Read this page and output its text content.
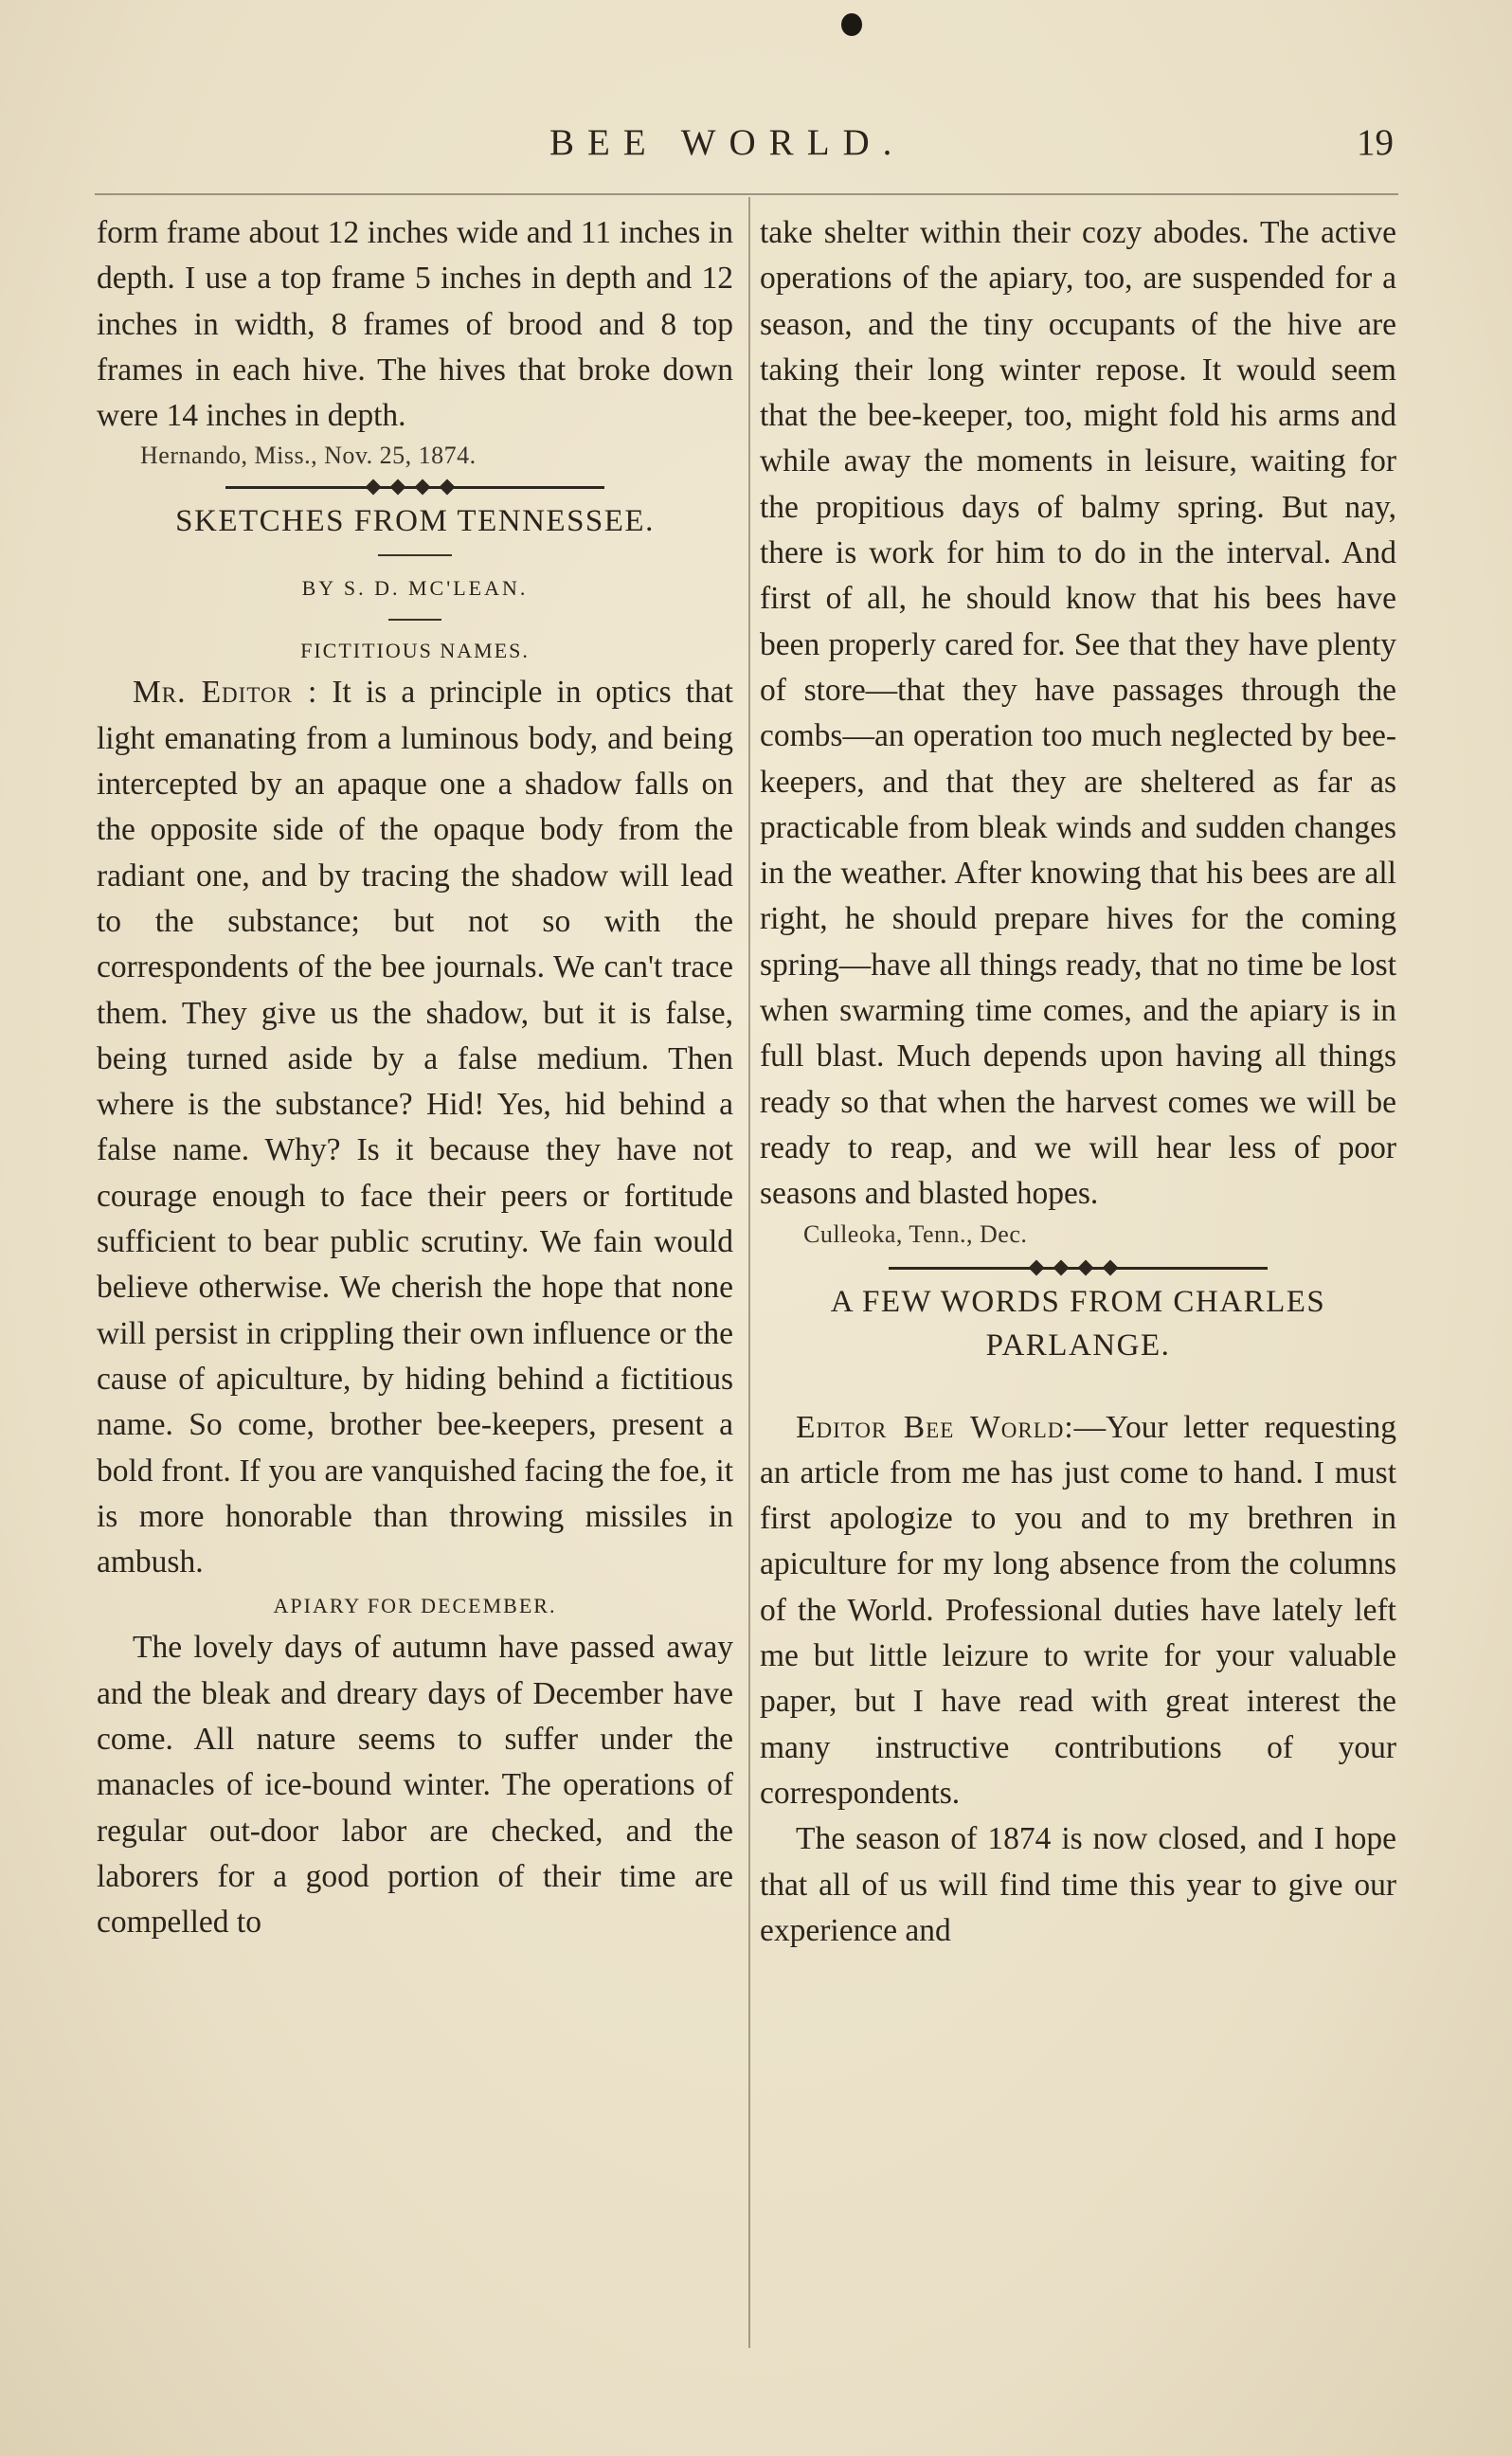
BEE WORLD.	19

form frame about 12 inches wide and 11 inches in depth. I use a top frame 5 inches in depth and 12 inches in width, 8 frames of brood and 8 top frames in each hive. The hives that broke down were 14 inches in depth.

Hernando, Miss., Nov. 25, 1874.
SKETCHES FROM TENNESSEE.
BY S. D. MC'LEAN.
FICTITIOUS NAMES.

Mr. Editor : It is a principle in optics that light emanating from a luminous body, and being intercepted by an apaque one a shadow falls on the opposite side of the opaque body from the radiant one, and by tracing the shadow will lead to the substance; but not so with the correspondents of the bee journals. We can't trace them. They give us the shadow, but it is false, being turned aside by a false medium. Then where is the substance? Hid! Yes, hid behind a false name. Why? Is it because they have not courage enough to face their peers or fortitude sufficient to bear public scrutiny. We fain would believe otherwise. We cherish the hope that none will persist in crippling their own influence or the cause of apiculture, by hiding behind a fictitious name. So come, brother bee-keepers, present a bold front. If you are vanquished facing the foe, it is more honorable than throwing missiles in ambush.

APIARY FOR DECEMBER.

The lovely days of autumn have passed away and the bleak and dreary days of December have come. All nature seems to suffer under the manacles of ice-bound winter. The operations of regular out-door labor are checked, and the laborers for a good portion of their time are compelled to

take shelter within their cozy abodes. The active operations of the apiary, too, are suspended for a season, and the tiny occupants of the hive are taking their long winter repose. It would seem that the bee-keeper, too, might fold his arms and while away the moments in leisure, waiting for the propitious days of balmy spring. But nay, there is work for him to do in the interval. And first of all, he should know that his bees have been properly cared for. See that they have plenty of store—that they have passages through the combs—an operation too much neglected by bee-keepers, and that they are sheltered as far as practicable from bleak winds and sudden changes in the weather. After knowing that his bees are all right, he should prepare hives for the coming spring—have all things ready, that no time be lost when swarming time comes, and the apiary is in full blast. Much depends upon having all things ready so that when the harvest comes we will be ready to reap, and we will hear less of poor seasons and blasted hopes.

Culleoka, Tenn., Dec.
A FEW WORDS FROM CHARLES PARLANGE.

Editor Bee World:—Your letter requesting an article from me has just come to hand. I must first apologize to you and to my brethren in apiculture for my long absence from the columns of the World. Professional duties have lately left me but little leizure to write for your valuable paper, but I have read with great interest the many instructive contributions of your correspondents.

The season of 1874 is now closed, and I hope that all of us will find time this year to give our experience and
